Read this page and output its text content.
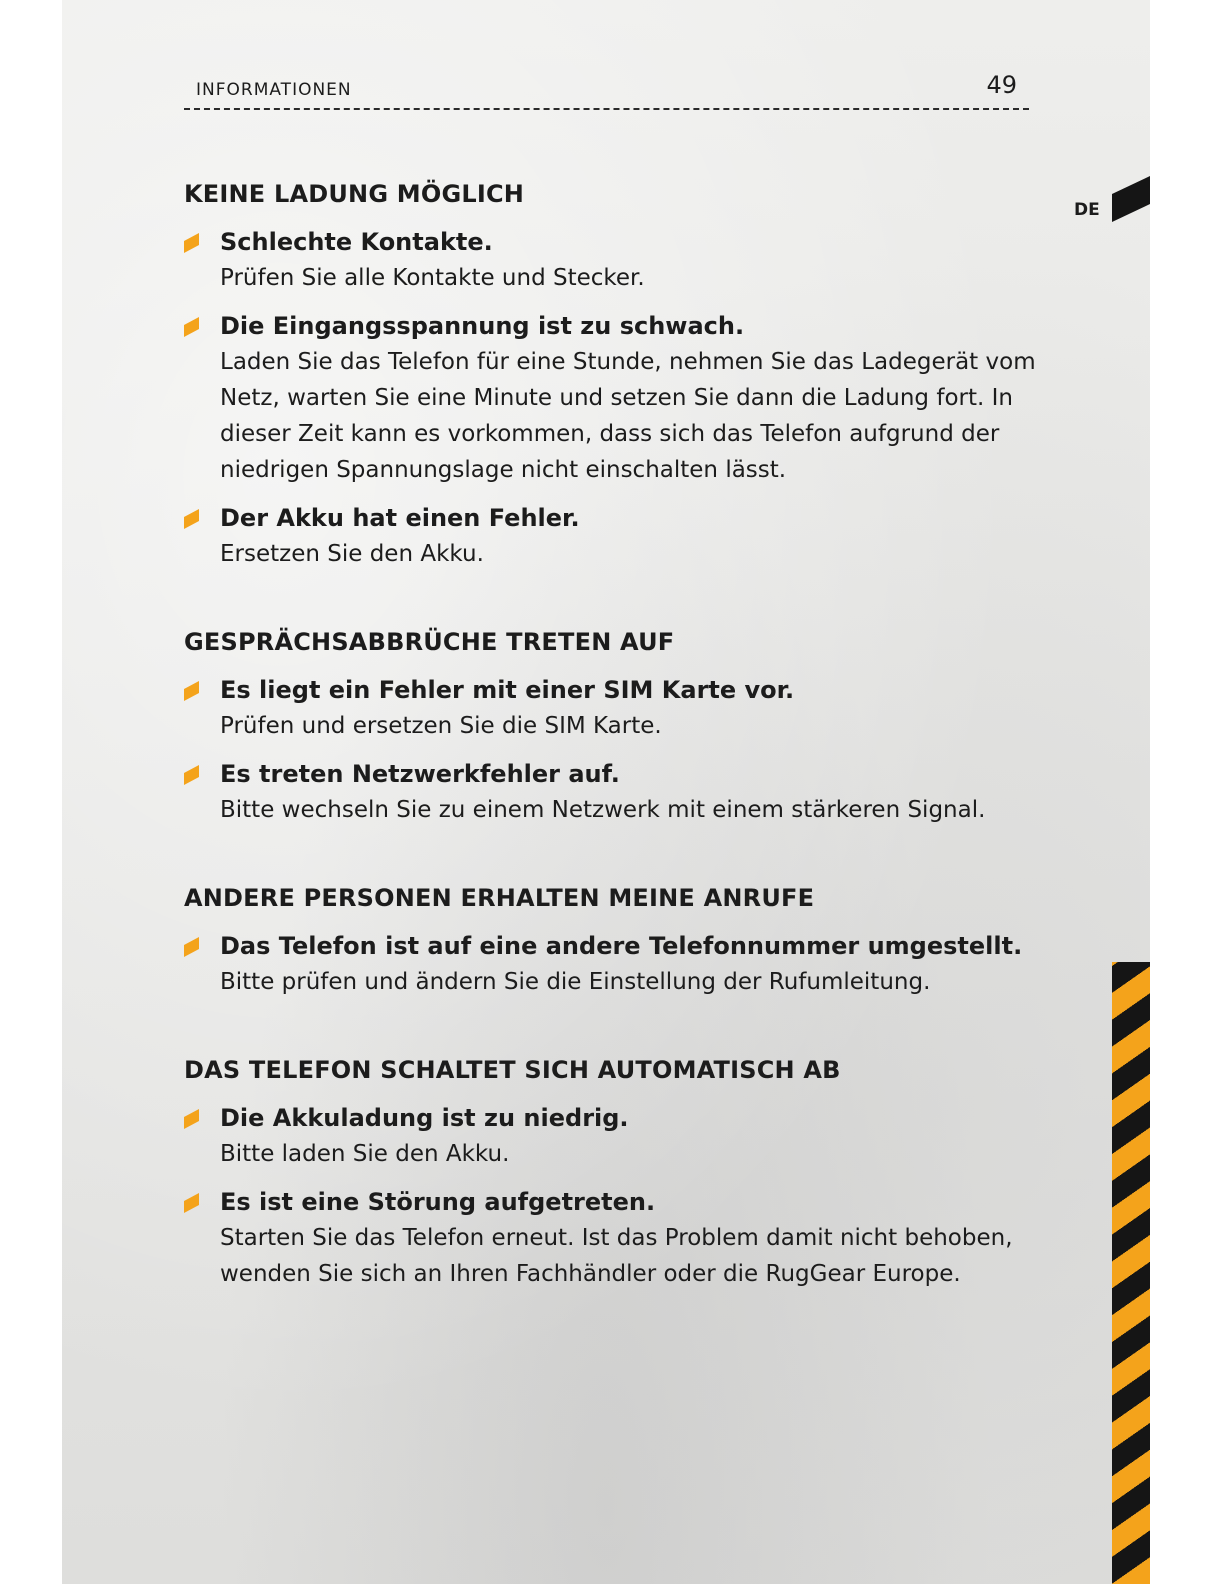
INFORMATIONEN	49
DE
KEINE LADUNG MÖGLICH
Schlechte Kontakte.
Prüfen Sie alle Kontakte und Stecker.
Die Eingangsspannung ist zu schwach.
Laden Sie das Telefon für eine Stunde, nehmen Sie das Ladegerät vom Netz, warten Sie eine Minute und setzen Sie dann die Ladung fort. In dieser Zeit kann es vorkommen, dass sich das Telefon aufgrund der niedrigen Spannungslage nicht einschalten lässt.
Der Akku hat einen Fehler.
Ersetzen Sie den Akku.
GESPRÄCHSABBRÜCHE TRETEN AUF
Es liegt ein Fehler mit einer SIM Karte vor.
Prüfen und ersetzen Sie die SIM Karte.
Es treten Netzwerkfehler auf.
Bitte wechseln Sie zu einem Netzwerk mit einem stärkeren Signal.
ANDERE PERSONEN ERHALTEN MEINE ANRUFE
Das Telefon ist auf eine andere Telefonnummer umgestellt.
Bitte prüfen und ändern Sie die Einstellung der Rufumleitung.
DAS TELEFON SCHALTET SICH AUTOMATISCH AB
Die Akkuladung ist zu niedrig.
Bitte laden Sie den Akku.
Es ist eine Störung aufgetreten.
Starten Sie das Telefon erneut. Ist das Problem damit nicht behoben, wenden Sie sich an Ihren Fachhändler oder die RugGear Europe.
